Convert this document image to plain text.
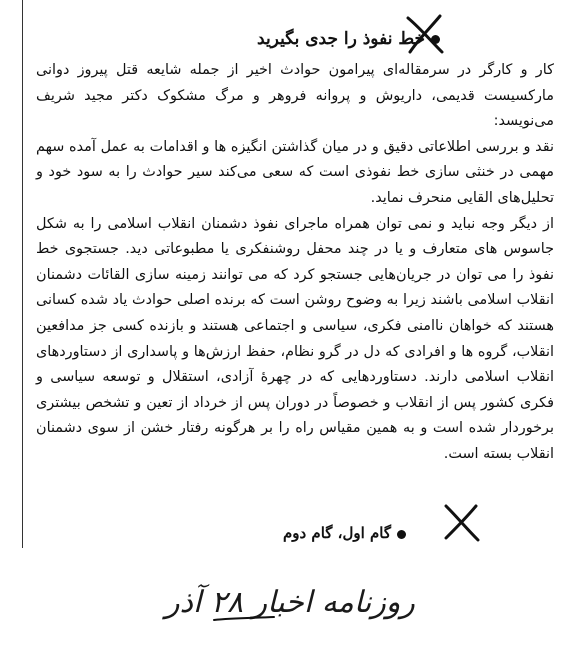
خط نفوذ را جدی بگیرید

کار و کارگر در سرمقاله‌ای پیرامون حوادث اخیر از جمله شایعه قتل پیروز دوانی مارکسیست قدیمی، داریوش و پروانه فروهر و مرگ مشکوک دکتر مجید شریف می‌نویسد:

نقد و بررسی اطلاعاتی دقیق و در میان گذاشتن انگیزه ها و اقدامات به عمل آمده سهم مهمی در خنثی سازی خط نفوذی است که سعی می‌کند سیر حوادث را به سود خود و تحلیل‌های القایی منحرف نماید.

از دیگر وجه نباید و نمی توان همراه ماجرای نفوذ دشمنان انقلاب اسلامی را به شکل جاسوس های متعارف و یا در چند محفل روشنفکری یا مطبوعاتی دید. جستجوی خط نفوذ را می توان در جریان‌هایی جستجو کرد که می توانند زمینه سازی القائات دشمنان انقلاب اسلامی باشند زیرا به وضوح روشن است که برنده اصلی حوادث یاد شده کسانی هستند که خواهان ناامنی فکری، سیاسی و اجتماعی هستند و بازنده کسی جز مدافعین انقلاب، گروه ها و افرادی که دل در گرو نظام، حفظ ارزش‌ها و پاسداری از دستاوردهای انقلاب اسلامی دارند. دستاوردهایی که در چهرهٔ آزادی، استقلال و توسعه سیاسی و فکری کشور پس از انقلاب و خصوصاً در دوران پس از خرداد از تعین و تشخص بیشتری برخوردار شده است و به همین مقیاس راه را بر هرگونه رفتار خشن از سوی دشمنان انقلاب بسته است.

گام اول، گام دوم
روزنامه اخبار ۲۸ آذر
